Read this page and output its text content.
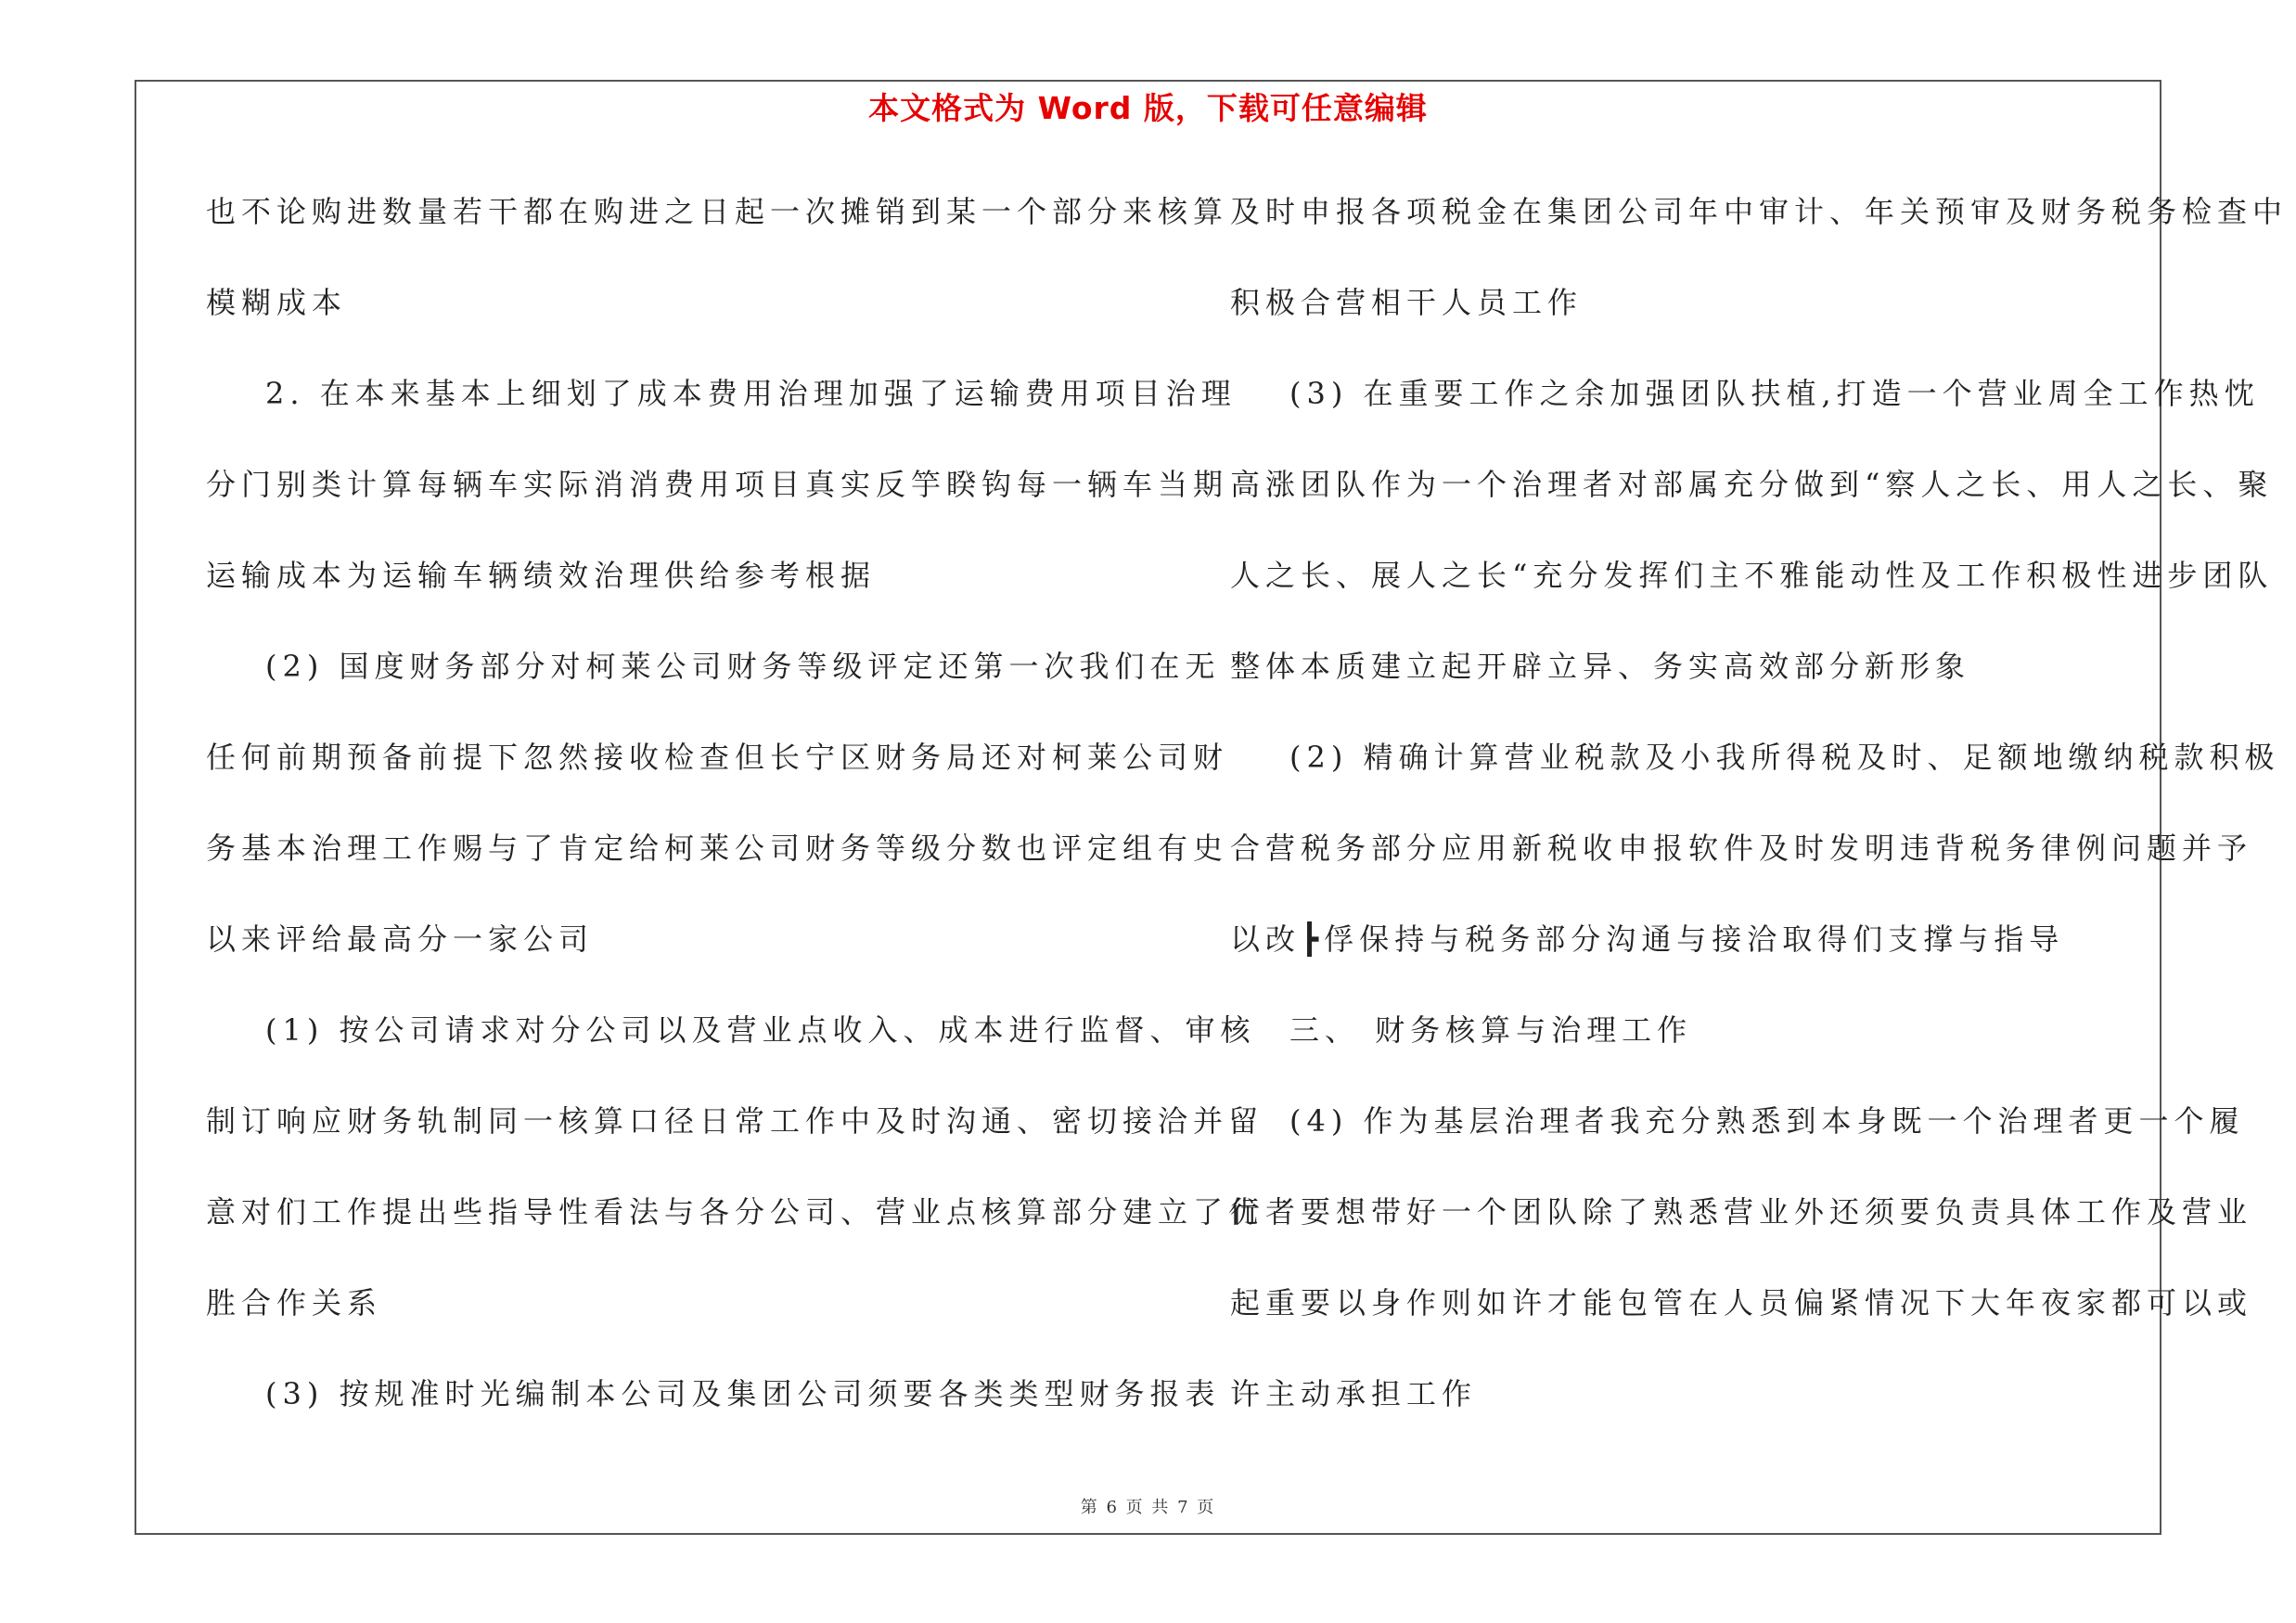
本文格式为 Word 版，下载可任意编辑
也不论购进数量若干都在购进之日起一次摊销到某一个部分来核算
模糊成本
2. 在本来基本上细划了成本费用治理加强了运输费用项目治理
分门别类计算每辆车实际消消费用项目真实反竽睽钩每一辆车当期
运输成本为运输车辆绩效治理供给参考根据
(2) 国度财务部分对柯莱公司财务等级评定还第一次我们在无
任何前期预备前提下忽然接收检查但长宁区财务局还对柯莱公司财
务基本治理工作赐与了肯定给柯莱公司财务等级分数也评定组有史
以来评给最高分一家公司
(1) 按公司请求对分公司以及营业点收入、成本进行监督、审核
制订响应财务轨制同一核算口径日常工作中及时沟通、密切接洽并留
意对们工作提出些指导性看法与各分公司、营业点核算部分建立了优
胜合作关系
(3) 按规准时光编制本公司及集团公司须要各类类型财务报表
及时申报各项税金在集团公司年中审计、年关预审及财务税务检查中
积极合营相干人员工作
(3) 在重要工作之余加强团队扶植,打造一个营业周全工作热忱
高涨团队作为一个治理者对部属充分做到“察人之长、用人之长、聚
人之长、展人之长“充分发挥们主不雅能动性及工作积极性进步团队
整体本质建立起开辟立异、务实高效部分新形象
(2) 精确计算营业税款及小我所得税及时、足额地缴纳税款积极
合营税务部分应用新税收申报软件及时发明违背税务律例问题并予
以改┣俘保持与税务部分沟通与接洽取得们支撑与指导
三、 财务核算与治理工作
(4) 作为基层治理者我充分熟悉到本身既一个治理者更一个履
行者要想带好一个团队除了熟悉营业外还须要负责具体工作及营业
起重要以身作则如许才能包管在人员偏紧情况下大年夜家都可以或
许主动承担工作
第 6 页 共 7 页
